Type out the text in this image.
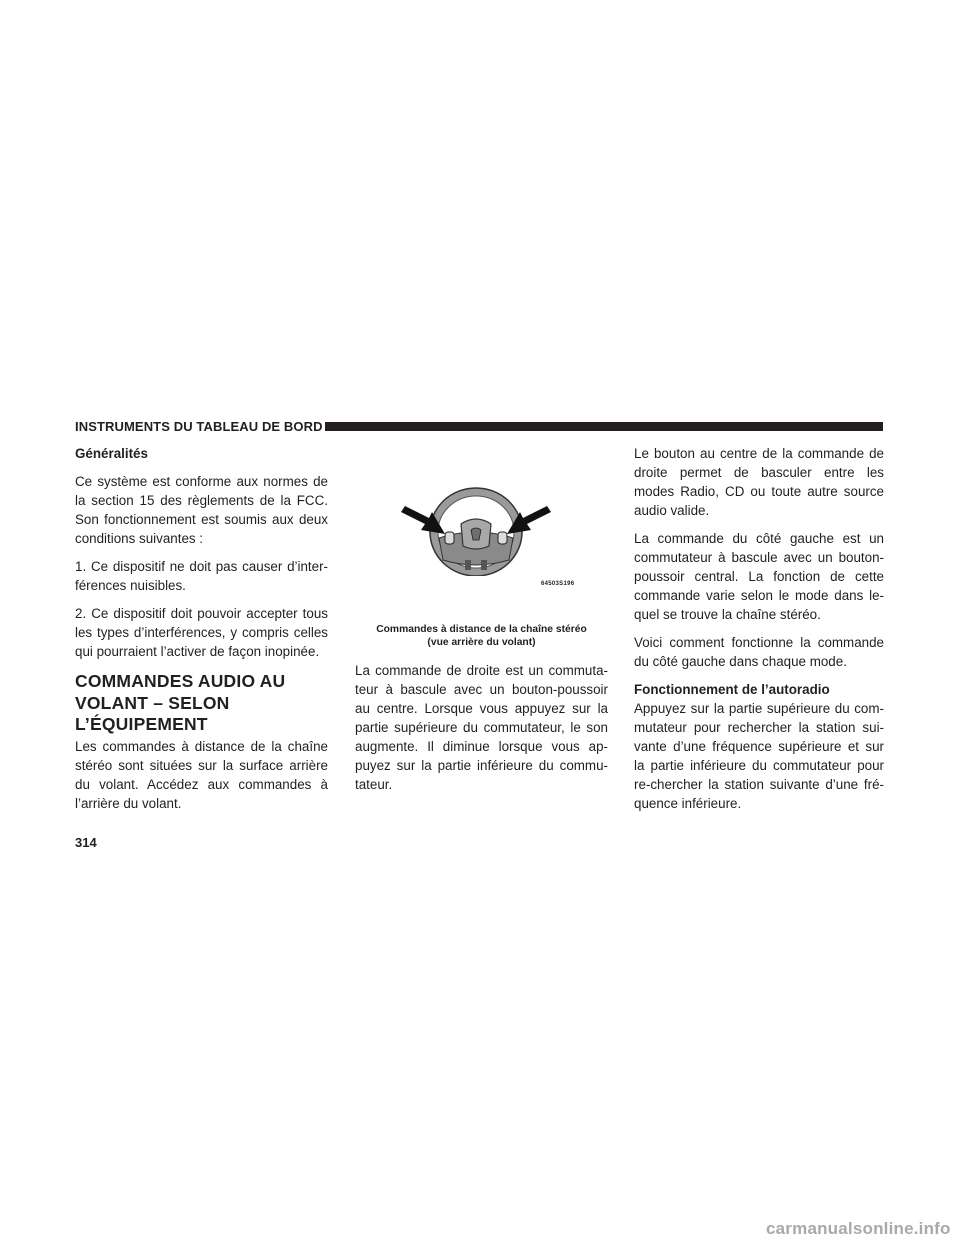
INSTRUMENTS DU TABLEAU DE BORD
Généralités

Ce système est conforme aux normes de la section 15 des règlements de la FCC. Son fonctionnement est soumis aux deux conditions suivantes :

1. Ce dispositif ne doit pas causer d’inter-férences nuisibles.

2. Ce dispositif doit pouvoir accepter tous les types d’interférences, y compris celles qui pourraient l’activer de façon inopinée.

COMMANDES AUDIO AU VOLANT – SELON L’ÉQUIPEMENT

Les commandes à distance de la chaîne stéréo sont situées sur la surface arrière du volant. Accédez aux commandes à l’arrière du volant.

64503S196
Commandes à distance de la chaîne stéréo
(vue arrière du volant)

La commande de droite est un commuta-teur à bascule avec un bouton-poussoir au centre. Lorsque vous appuyez sur la partie supérieure du commutateur, le son augmente. Il diminue lorsque vous ap-puyez sur la partie inférieure du commu-tateur.

Le bouton au centre de la commande de droite permet de basculer entre les modes Radio, CD ou toute autre source audio valide.

La commande du côté gauche est un commutateur à bascule avec un bouton-poussoir central. La fonction de cette commande varie selon le mode dans le-quel se trouve la chaîne stéréo.

Voici comment fonctionne la commande du côté gauche dans chaque mode.

Fonctionnement de l’autoradio

Appuyez sur la partie supérieure du com-mutateur pour rechercher la station sui-vante d’une fréquence supérieure et sur la partie inférieure du commutateur pour re-chercher la station suivante d’une fré-quence inférieure.

314
carmanualsonline.info
